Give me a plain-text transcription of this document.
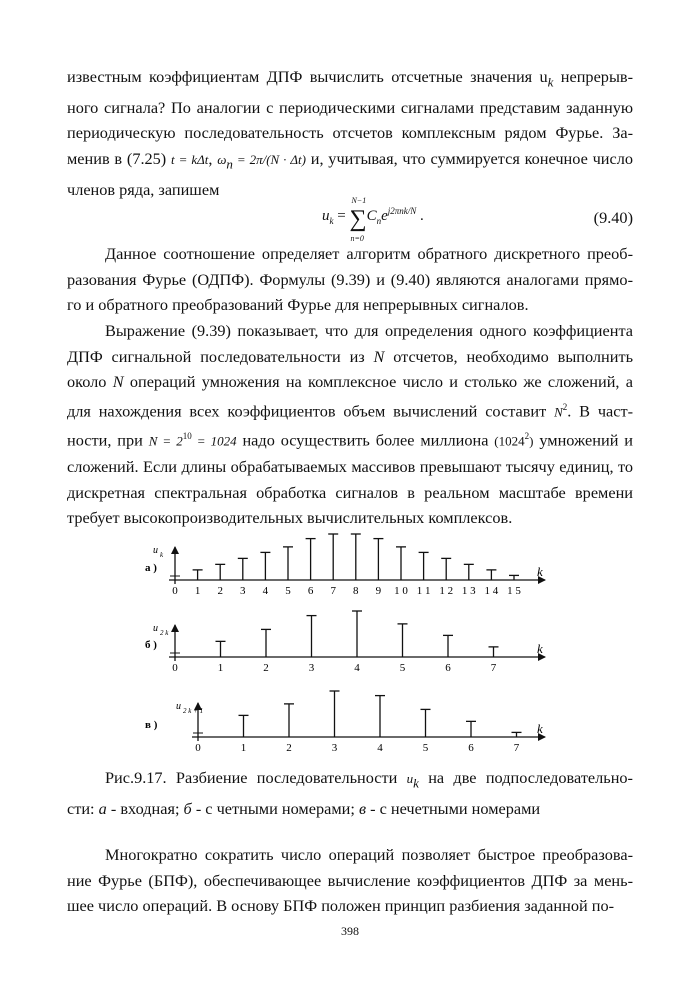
известным коэффициентам ДПФ вычислить отсчетные значения $u_k$ непрерыв- ного сигнала? По аналогии с периодическими сигналами представим заданную периодическую последовательность отсчетов комплексным рядом Фурье. За- менив в (7.25) t = kΔt, $\omega_п = 2\pi/(N \cdot \Delta t)$ и, учитывая, что суммируется конечное число членов ряда, запишем

$u_k$ = ∑
N−1
n=0
$C_ne^{j2\pi nk/N}$ .	(9.40)

Данное соотношение определяет алгоритм обратного дискретного преоб- разования Фурье (ОДПФ). Формулы (9.39) и (9.40) являются аналогами прямо- го и обратного преобразований Фурье для непрерывных сигналов.

Выражение (9.39) показывает, что для определения одного коэффициента ДПФ сигнальной последовательности из N отсчетов, необходимо выполнить около N операций умножения на комплексное число и столько же сложений, а для нахождения всех коэффициентов объем вычислений составит $N^2$. В част- ности, при $N = 2^{10} = 1024$ надо осуществить более миллиона (1024$^2$) умножений и сложений. Если длины обрабатываемых массивов превышают тысячу единиц, то дискретная спектральная обработка сигналов в реальном масштабе времени требует высокопроизводительных вычислительных комплексов.

u $_k$
а )	k
0 1 2 3 4 5 6 7 8 9 1 0 1 1 1 2 1 3 1 4 1 5
u $_{2 k}$
б )	k
0	1	2	3	4	5	6	7
u $_{2 k + 1}$
в )	k
0	1	2	3	4	5	6	7
Рис.9.17. Разбиение последовательности $u_k$ на две подпоследовательно- сти: а - входная; б - с четными номерами; в - с нечетными номерами

Многократно сократить число операций позволяет быстрое преобразова- ние Фурье (БПФ), обеспечивающее вычисление коэффициентов ДПФ за мень- шее число операций. В основу БПФ положен принцип разбиения заданной по-

398
